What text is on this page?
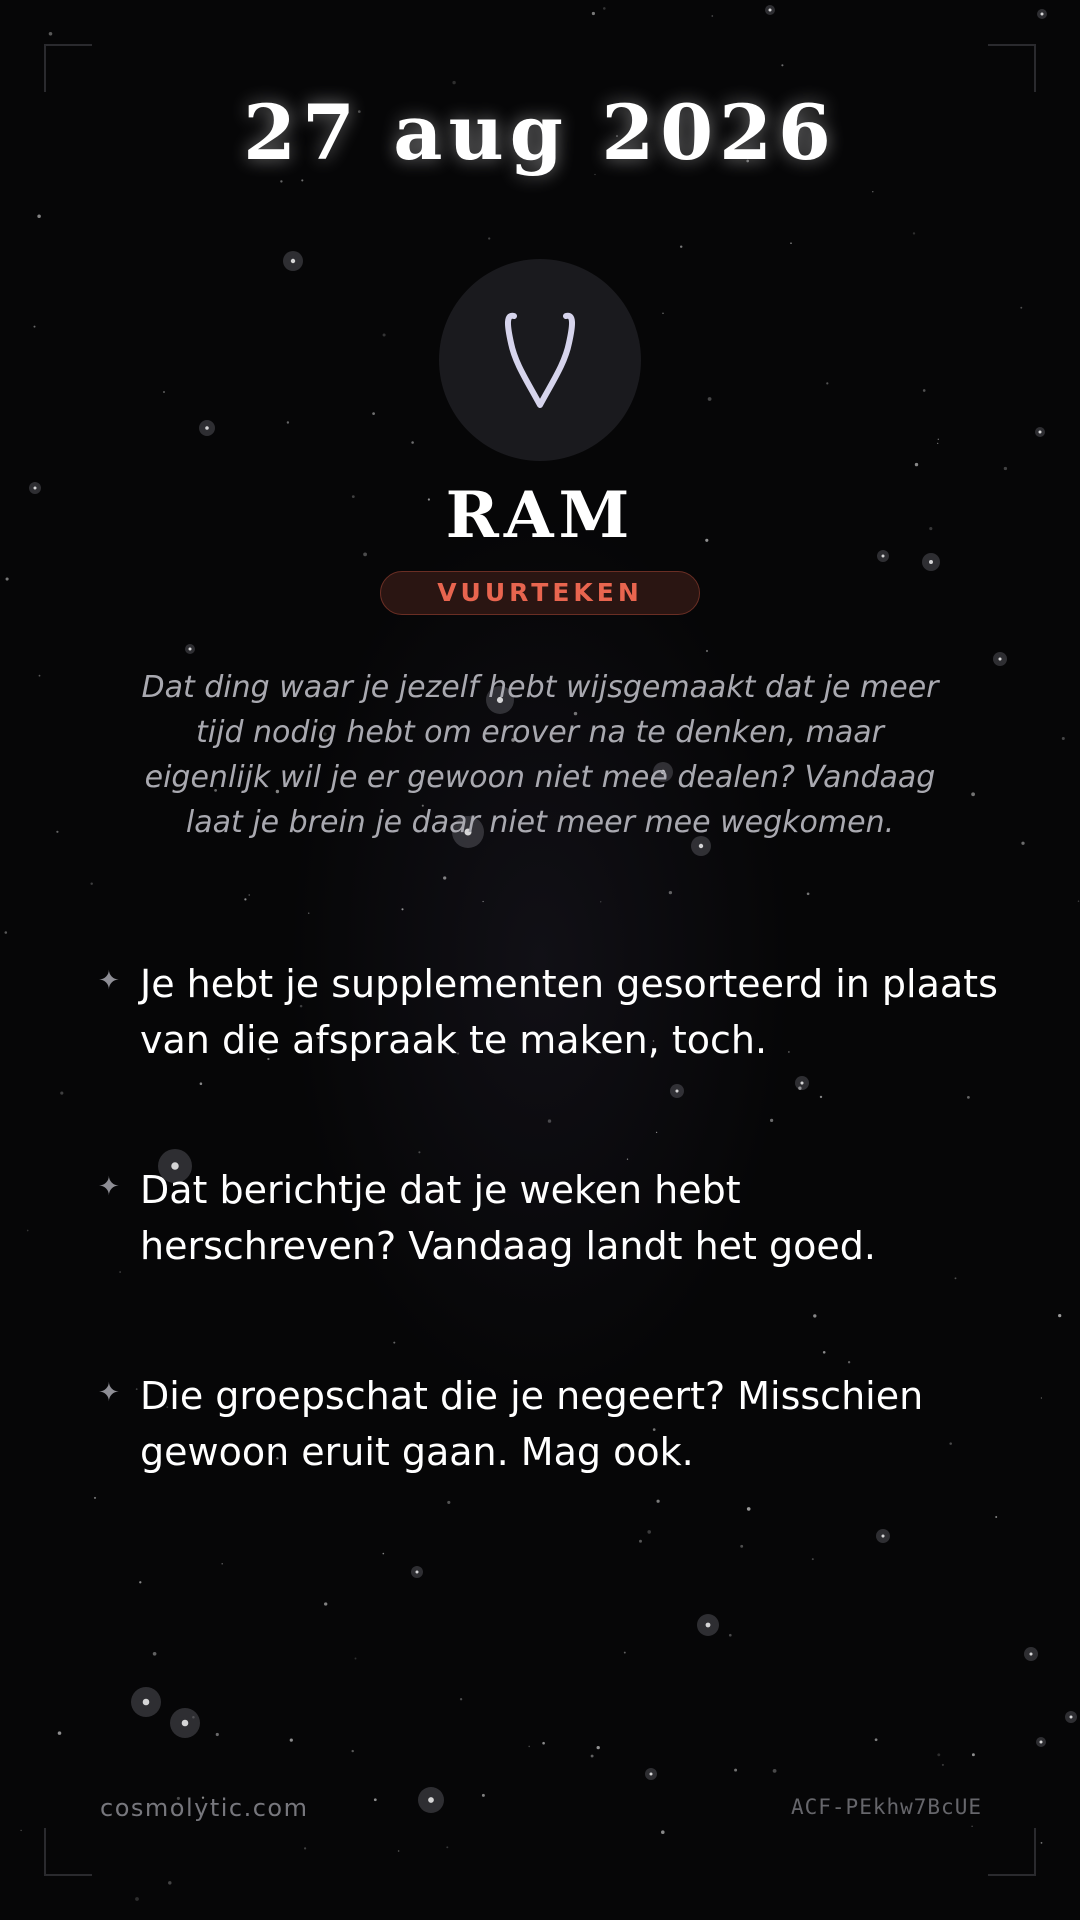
27 aug 2026
RAM
VUURTEKEN
Dat ding waar je jezelf hebt wijsgemaakt dat je meer tijd nodig hebt om erover na te denken, maar eigenlijk wil je er gewoon niet mee dealen? Vandaag laat je brein je daar niet meer mee wegkomen.
✦ Je hebt je supplementen gesorteerd in plaats van die afspraak te maken, toch.
✦ Dat berichtje dat je weken hebt herschreven? Vandaag landt het goed.
✦ Die groepschat die je negeert? Misschien gewoon eruit gaan. Mag ook.
cosmolytic.com	ACF-PEkhw7BcUE
